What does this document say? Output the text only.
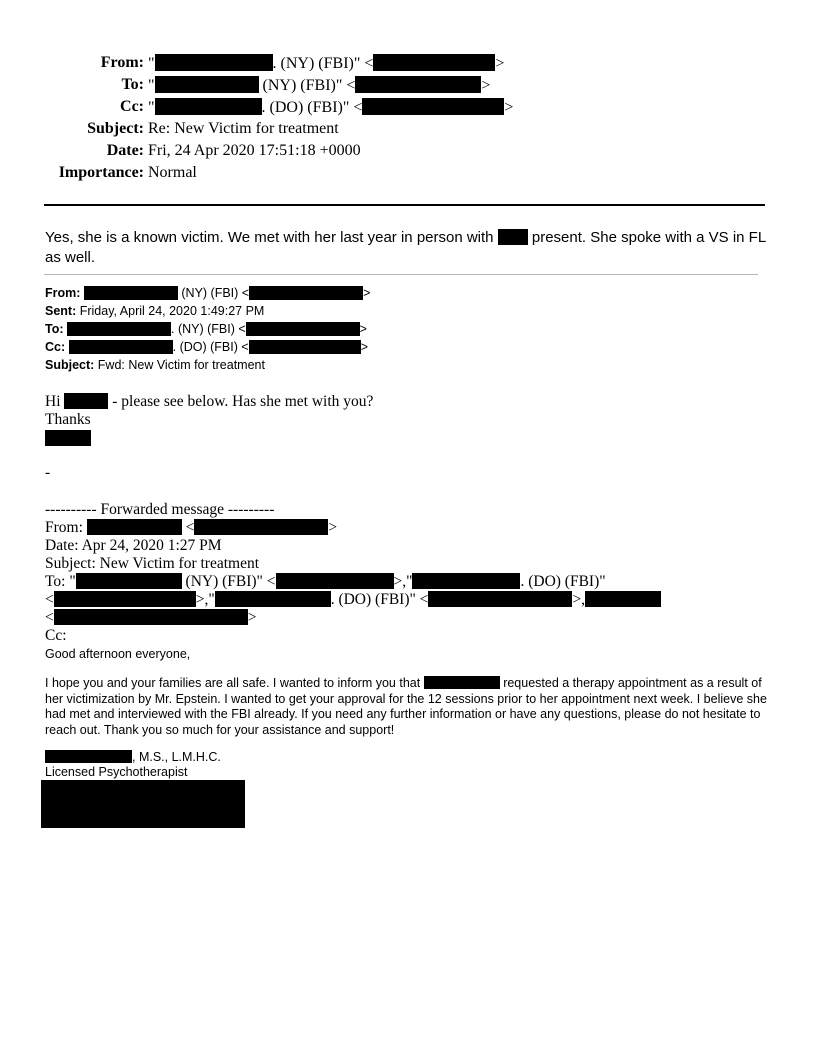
From: "	. (NY) (FBI)" <	>
To: "	(NY) (FBI)" <	>
Cc: "	. (DO) (FBI)" <	>
Subject: Re: New Victim for treatment
Date: Fri, 24 Apr 2020 17:51:18 +0000
Importance: Normal
Yes, she is a known victim. We met with her last year in person with	present. She spoke with a VS in FL as well.
From:	(NY) (FBI) <	>
Sent: Friday, April 24, 2020 1:49:27 PM
To:	. (NY) (FBI) <	>
Cc:	. (DO) (FBI) <	>
Subject: Fwd: New Victim for treatment
Hi	- please see below. Has she met with you?
Thanks
-
---------- Forwarded message ---------
From:	<	>
Date: Apr 24, 2020 1:27 PM
Subject: New Victim for treatment
To: "	(NY) (FBI)" <	>,"	. (DO) (FBI)"
<	>,"	. (DO) (FBI)" <	>,
<	>
Cc:
Good afternoon everyone,
I hope you and your families are all safe. I wanted to inform you that	requested a therapy appointment as a result of her victimization by Mr. Epstein. I wanted to get your approval for the 12 sessions prior to her appointment next week. I believe she had met and interviewed with the FBI already. If you need any further information or have any questions, please do not hesitate to reach out. Thank you so much for your assistance and support!
, M.S., L.M.H.C.
Licensed Psychotherapist
